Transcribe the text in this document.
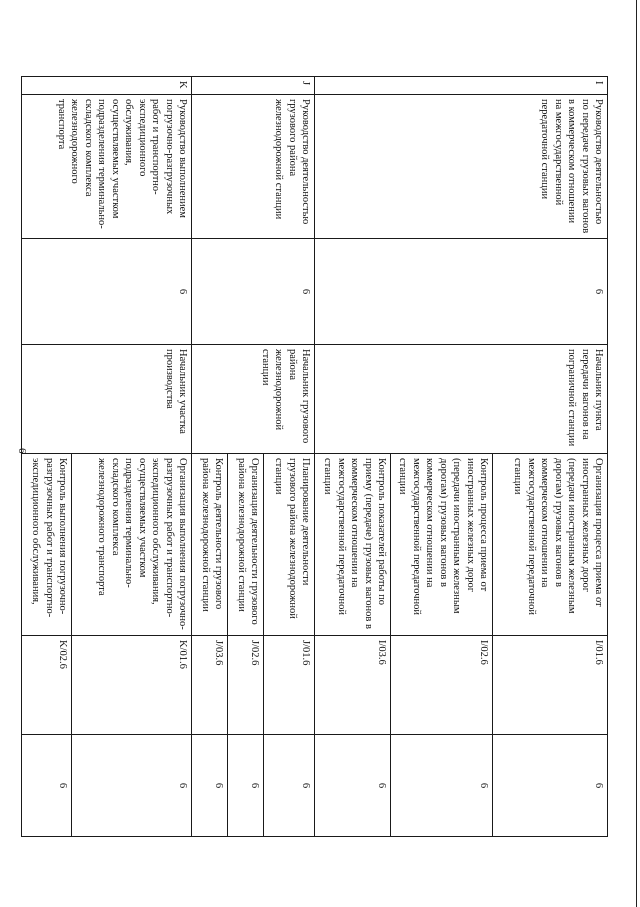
6
I	Руководство деятельностью по передаче грузовых вагонов в коммерческом отношении на межгосударственной передаточной станции	6	Начальник пункта передачи вагонов на пограничной станции	Организация процесса приема от иностранных железных дорог (передачи иностранным железным дорогам) грузовых вагонов в коммерческом отношении на межгосударственной передаточной станции	I/01.6	6
				Контроль процесса приема от иностранных железных дорог (передачи иностранным железным дорогам) грузовых вагонов в коммерческом отношении на межгосударственной передаточной станции	I/02.6	6
				Контроль показателей работы по приему (передаче) грузовых вагонов в коммерческом отношении на межгосударственной передаточной станции	I/03.6	6
J	Руководство деятельностью грузового района железнодорожной станции	6	Начальник грузового района железнодорожной станции	Планирование деятельности грузового района железнодорожной станции	J/01.6	6
				Организация деятельности грузового района железнодорожной станции	J/02.6	6
				Контроль деятельности грузового района железнодорожной станции	J/03.6	6
K	Руководство выполнением погрузочно-разгрузочных работ и транспортно-экспедиционного обслуживания, осуществляемых участком подразделения терминально-складского комплекса железнодорожного транспорта	6	Начальник участка производства	Организация выполнения погрузочно-разгрузочных работ и транспортно-экспедиционного обслуживания, осуществляемых участком подразделения терминально-складского комплекса железнодорожного транспорта	K/01.6	6
				Контроль выполнения погрузочно-разгрузочных работ и транспортно-экспедиционного обслуживания,	K/02.6	6
